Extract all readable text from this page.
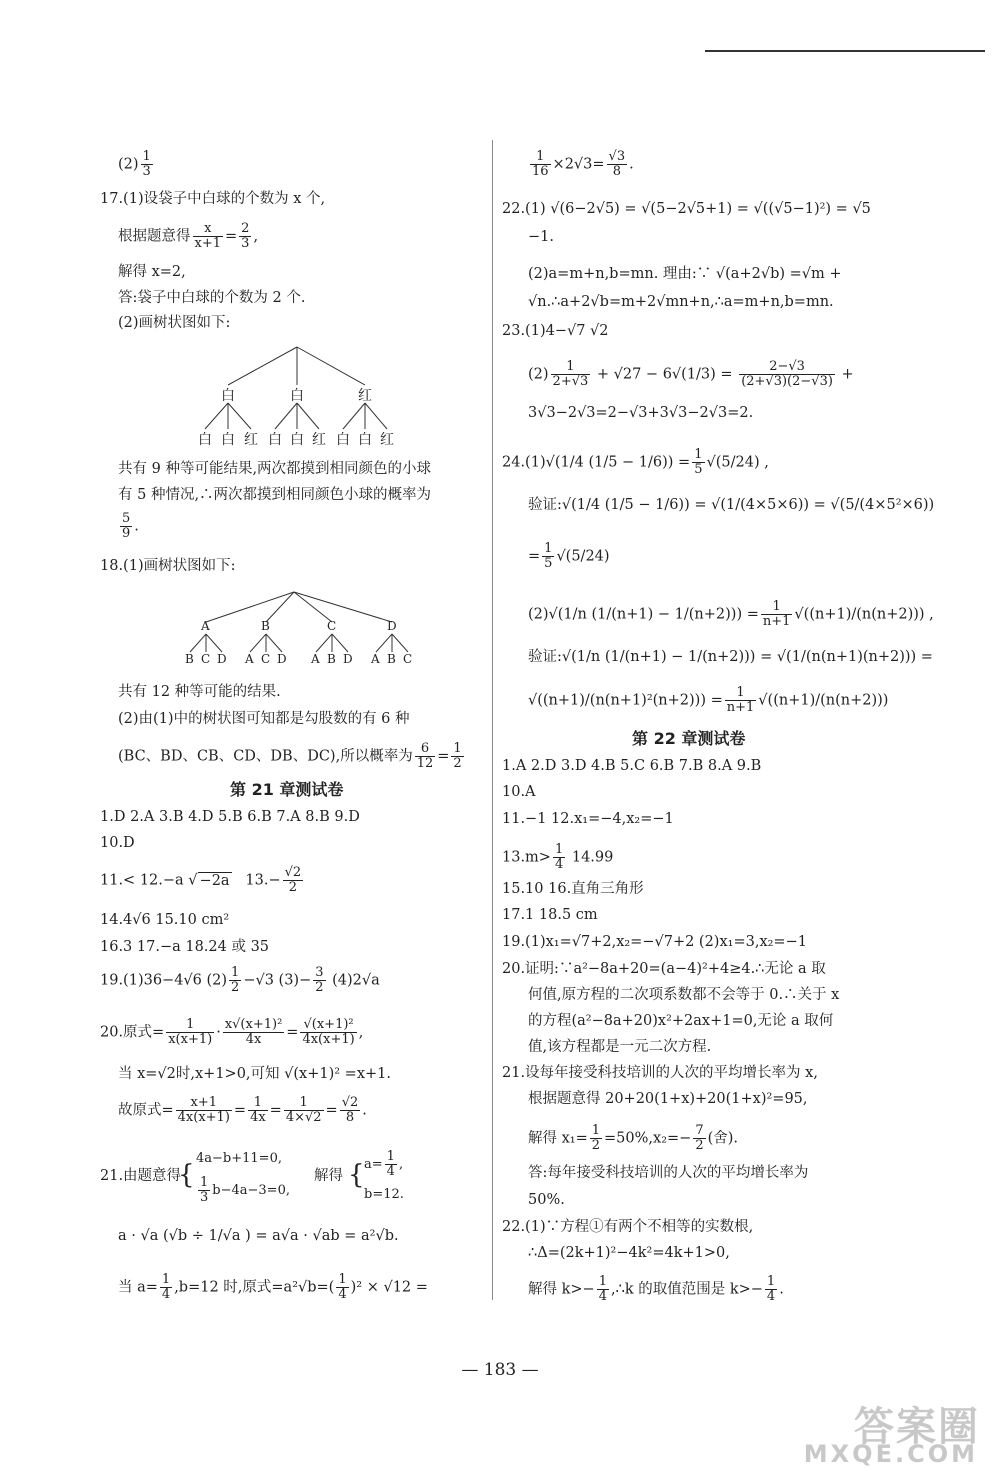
$(2) \frac{1}{3}$
17.(1)设袋子中白球的个数为 x 个,
根据题意得 $\frac{x}{x+1} = \frac{2}{3}$ ,
解得 x=2,
答:袋子中白球的个数为 2 个.
(2)画树状图如下:
白	白	红
白 白 红 白 白 红 白 白 红
共有 9 种等可能结果,两次都摸到相同颜色的小球
有 5 种情况,∴两次都摸到相同颜色小球的概率为
$\frac{5}{9}$ .
18.(1)画树状图如下:
A	B	C	D
B C D A C D A B D A B C
共有 12 种等可能的结果.
(2)由(1)中的树状图可知都是勾股数的有 6 种
(BC、BD、CB、CD、DB、DC),所以概率为 $\frac{6}{12} = \frac{1}{2}$
第 21 章测试卷
1.D 2.A 3.B 4.D 5.B 6.B 7.A 8.B 9.D
10.D
11.< 12.−a √ −2a $13.- \frac{√2}{2}$
14.4√6 15.10 cm²
16.3 17.−a 18.24 或 35
19.(1)36−4√6 $(2) \frac{1}{2} -√3$ $(3)- \frac{3}{2} (4)2√a$
20.原式= $\frac{1}{x(x+1)} \cdot \frac{\text{x√(x+1)²}}{4x} = \frac{\text{√(x+1)²}}{4x(x+1)}$ ,
当 x=√2时,x+1>0,可知 √(x+1)² =x+1.
故原式= $\frac{x+1}{4x(x+1)} = \frac{1}{4x} = \frac{1}{4\times√2} = \frac{√2}{8}$ .
21.由题意得
{
4a−b+11=0,
$\frac{1}{3} b-4a-3=0$,
解得 { $a= \frac{1}{4}$ ,
b=12.
a · √a (√b ÷ 1/√a ) = a√a · √ab = a²√b.
当 $a= \frac{1}{4} ,b=12$ 时,原式$=a^2√b=( \frac{1}{4} )^2 \times √12$ =
$\frac{1}{16} \times 2√3= \frac{√3}{8}$ .
22.(1) √(6−2√5) = √(5−2√5+1) = √((√5−1)²) = √5
−1.
(2)a=m+n,b=mn. 理由:∵ √(a+2√b) =√m +
√n.∴a+2√b=m+2√mn+n,∴a=m+n,b=mn.
23.(1)4−√7 √2
$(2) \frac{1}{2+√3} + √27 - 6√(1/3) = \frac{2-√3}{(2+√3)(2-√3)}$ +
3√3−2√3=2−√3+3√3−2√3=2.
24.(1)√(1/4 $(1/5 - 1/6)) = \frac{1}{5} √(5/24)$ ,
验证:√(1/4 (1/5 − 1/6)) = √(1/(4×5×6)) = √(5/(4×5²×6))
= $\frac{1}{5} √(5/24)$
(2)√(1/n $(1/(n+1) - 1/(n+2))) = \frac{1}{n+1} √((n+1)/(n(n+2)))$ ,
验证:√(1/n (1/(n+1) − 1/(n+2))) = √(1/(n(n+1)(n+2))) =
$√((n+1)/(n(n+1)^2(n+2))) = \frac{1}{n+1} √((n+1)/(n(n+2)))$
第 22 章测试卷
1.A 2.D 3.D 4.B 5.C 6.B 7.B 8.A 9.B
10.A
11.−1 12.x₁=−4,x₂=−1
$13.m> \frac{1}{4} 14.99$
15.10 16.直角三角形
17.1 18.5 cm
19.(1)x₁=√7+2,x₂=−√7+2 (2)x₁=3,x₂=−1
20.证明:∵a²−8a+20=(a−4)²+4≥4.∴无论 a 取
何值,原方程的二次项系数都不会等于 0.∴关于 x
的方程(a²−8a+20)x²+2ax+1=0,无论 a 取何
值,该方程都是一元二次方程.
21.设每年接受科技培训的人次的平均增长率为 x,
根据题意得 20+20(1+x)+20(1+x)²=95,
解得 $x_1= \frac{1}{2} =50\%,x_2=- \frac{7}{2}$ (舍).
答:每年接受科技培训的人次的平均增长率为
50%.
22.(1)∵方程①有两个不相等的实数根,
∴Δ=(2k+1)²−4k²=4k+1>0,
解得 $k>- \frac{1}{4}$ ,∴k 的取值范围是 $k>- \frac{1}{4}$ .
— 183 —
答案圈
MXQE.COM
